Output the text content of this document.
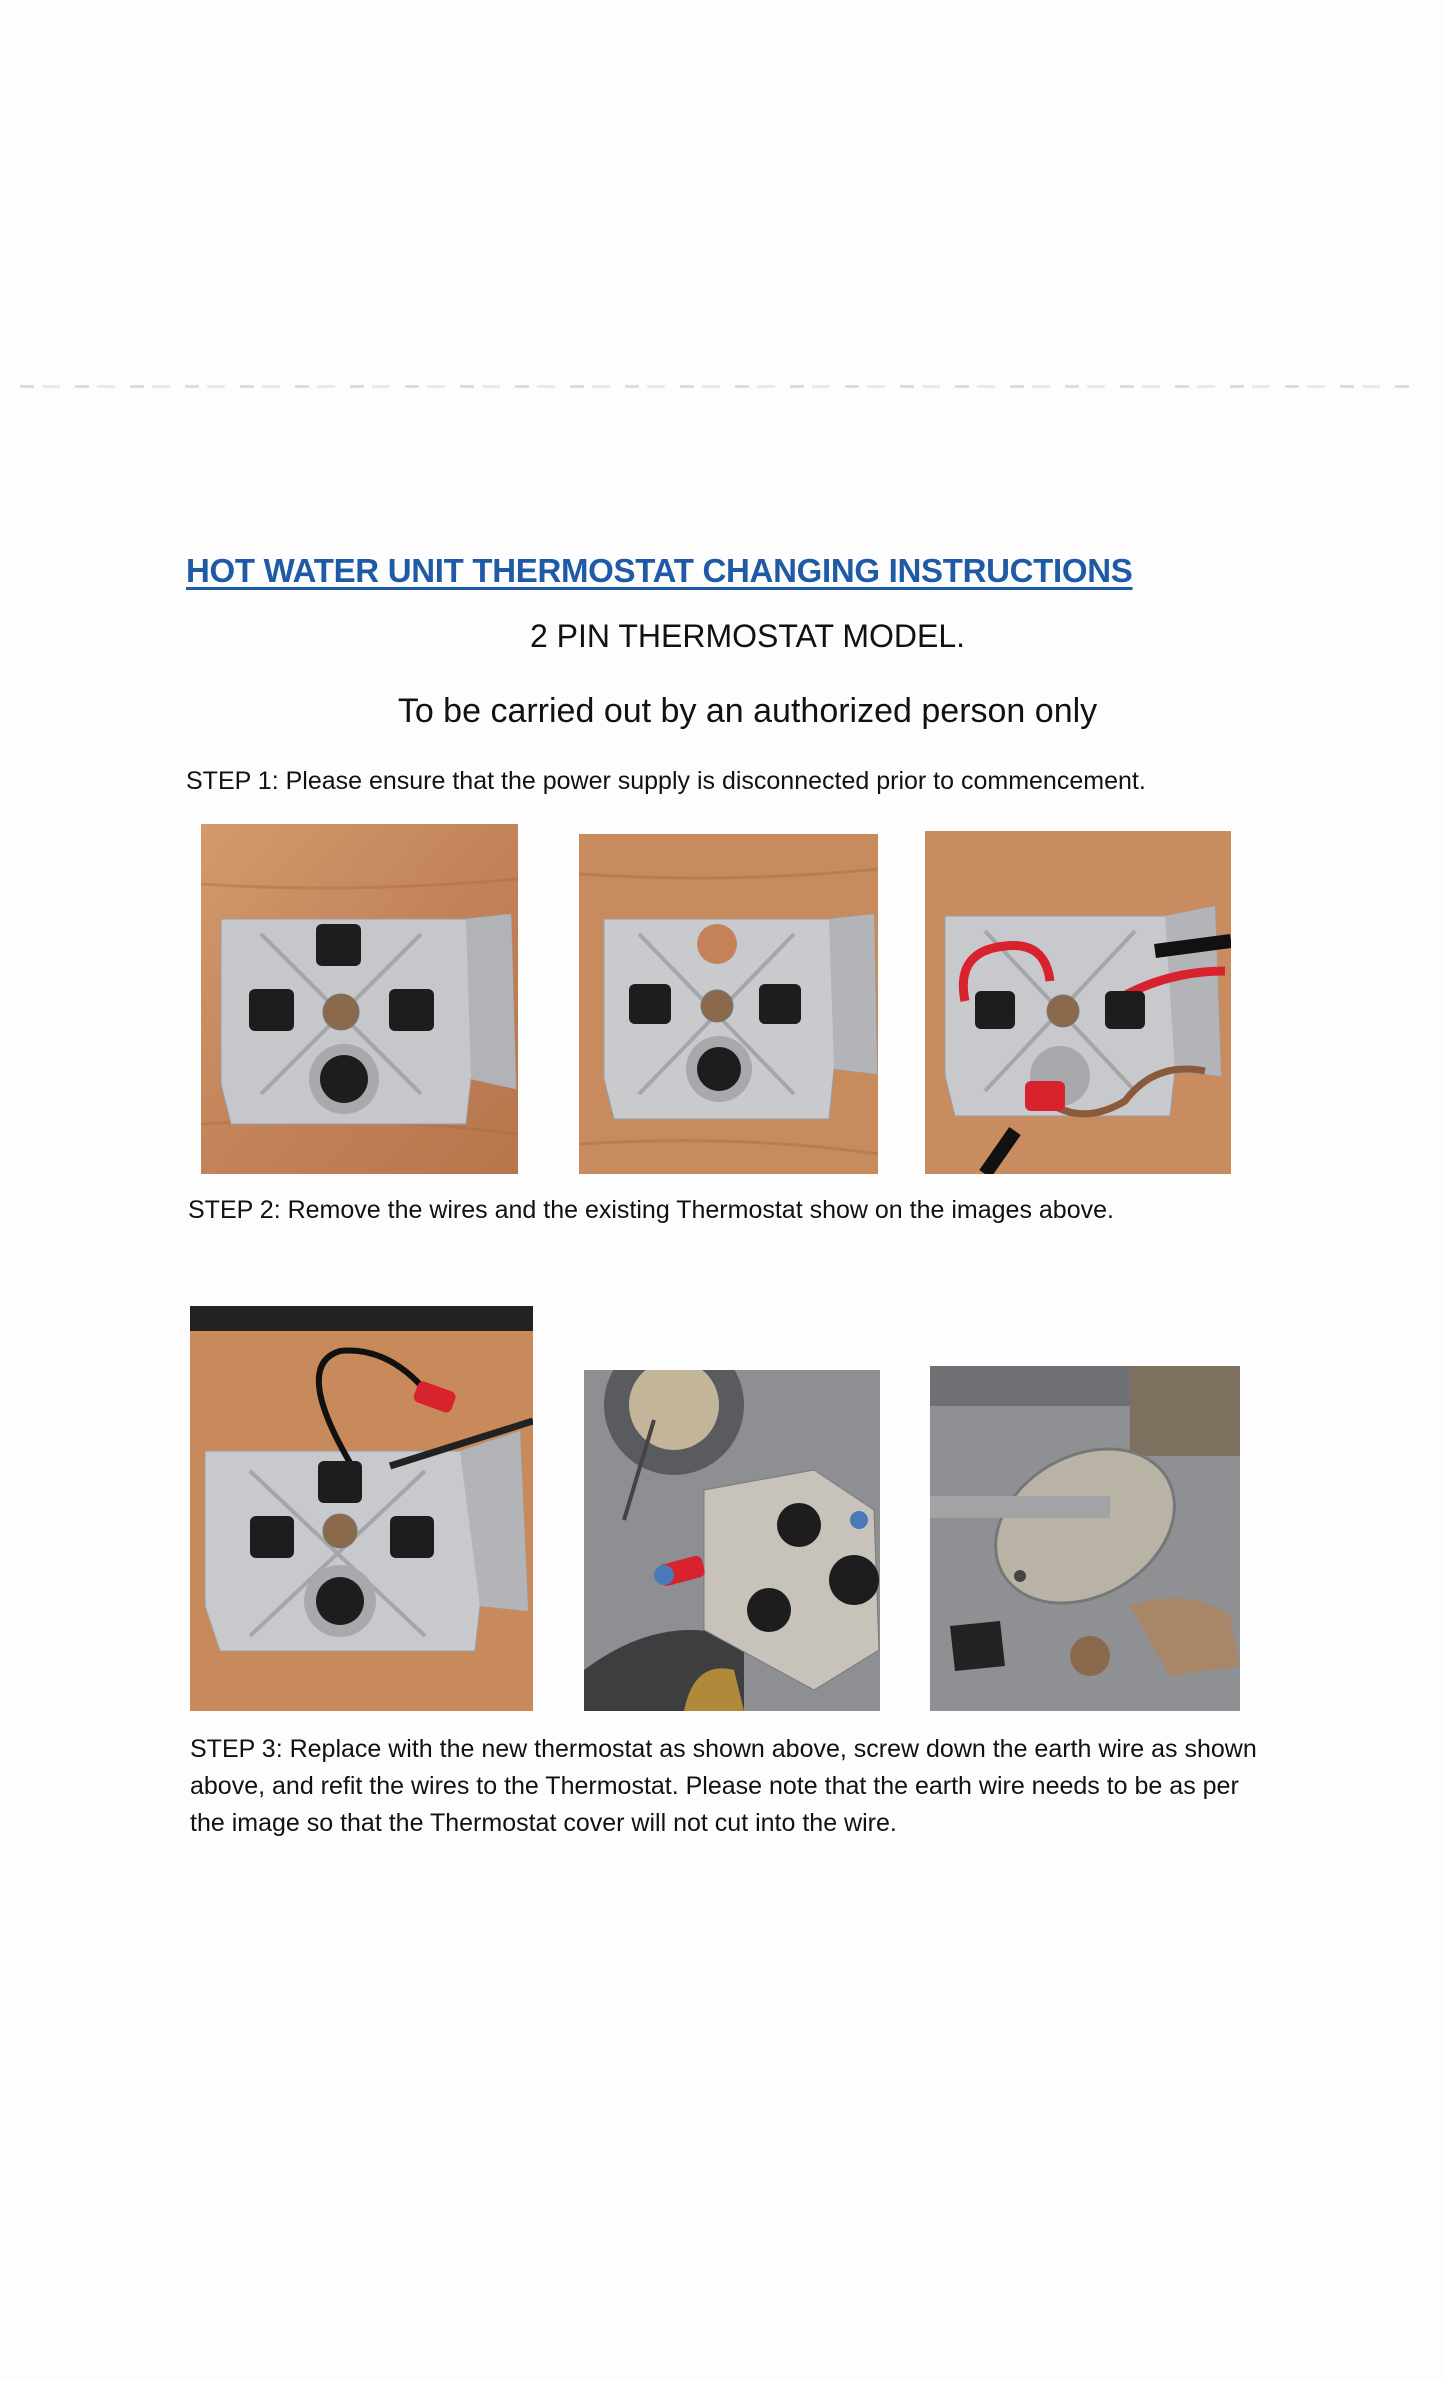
HOT WATER UNIT THERMOSTAT CHANGING INSTRUCTIONS
2 PIN THERMOSTAT MODEL.
To be carried out by an authorized person only
STEP 1: Please ensure that the power supply is disconnected prior to commencement.
STEP 2: Remove the wires and the existing Thermostat show on the images above.
STEP 3: Replace with the new thermostat as shown above, screw down the earth wire as shown above, and refit the wires to the Thermostat. Please note that the earth wire needs to be as per the image so that the Thermostat cover will not cut into the wire.
